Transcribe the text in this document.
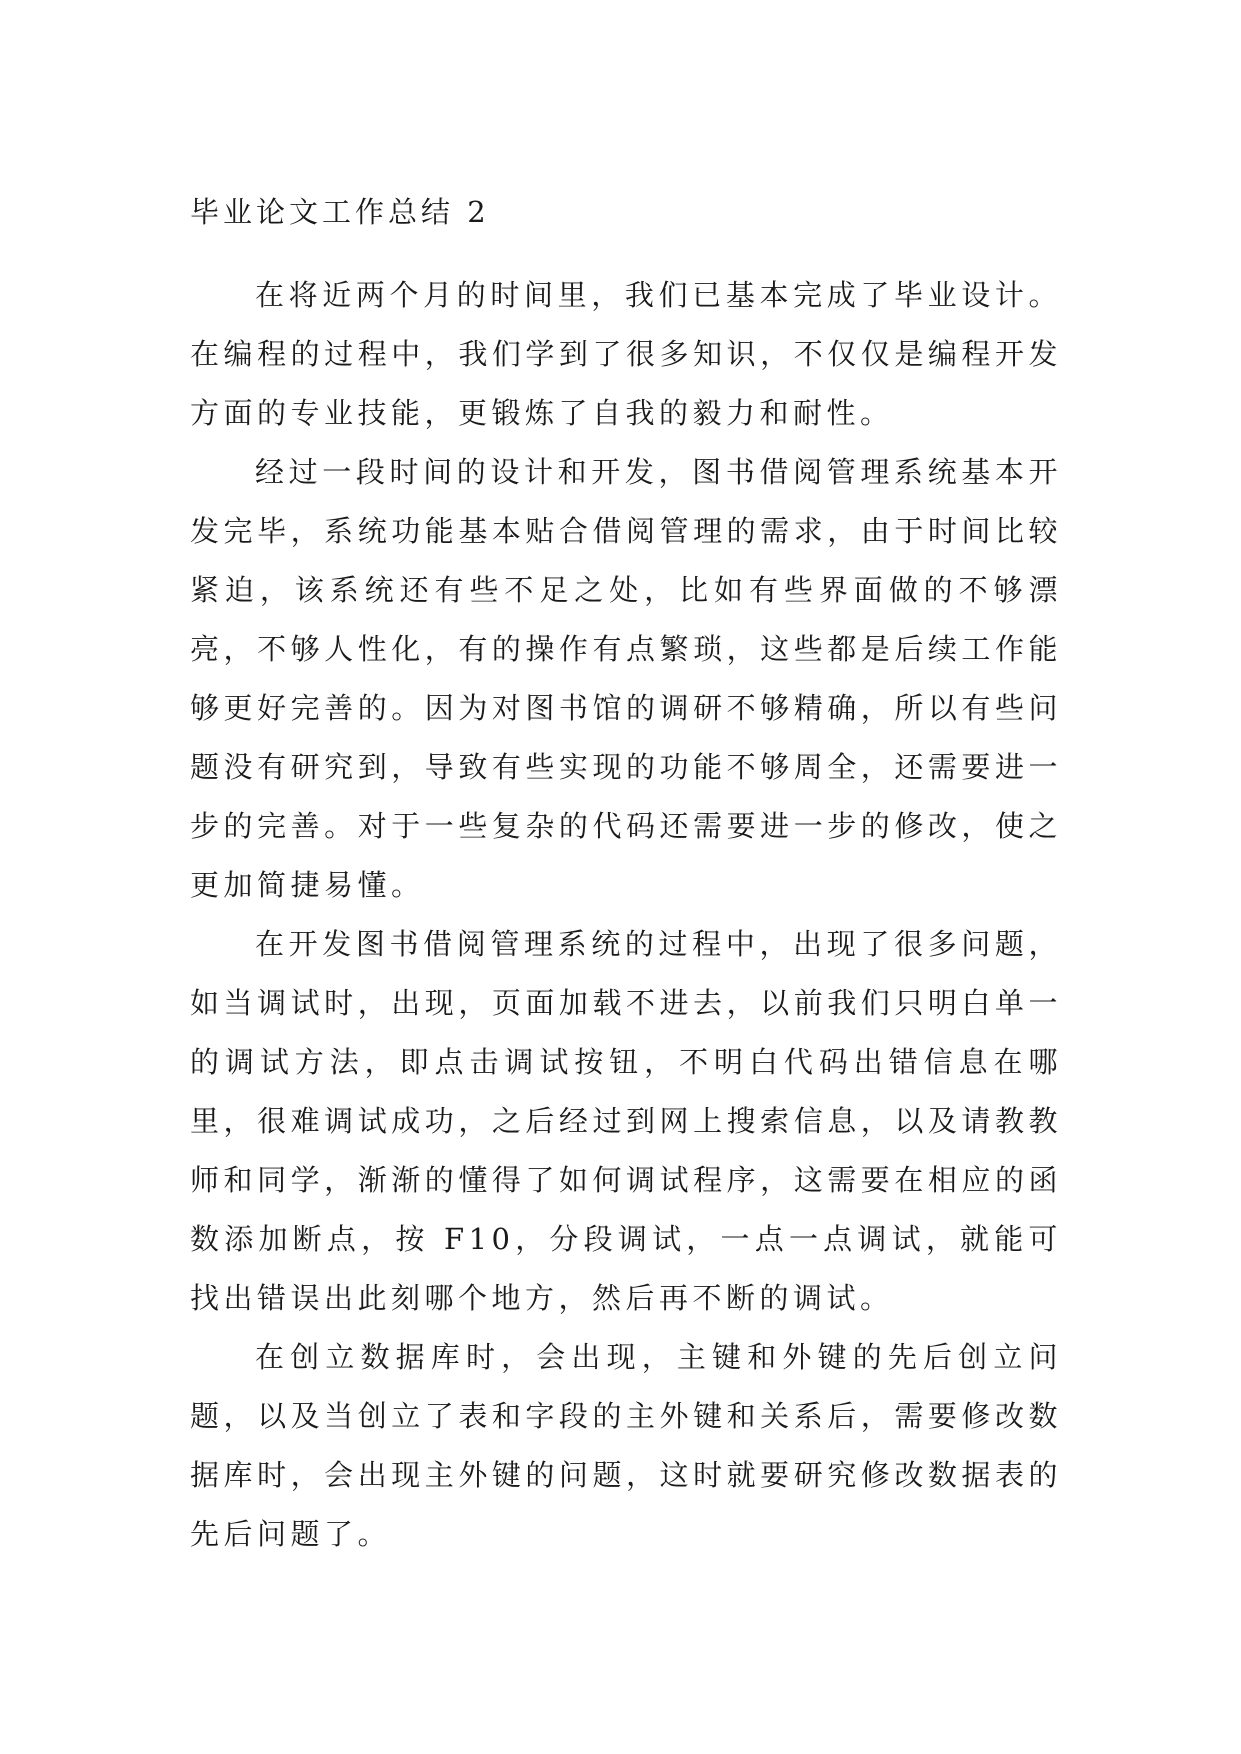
毕业论文工作总结 2

在将近两个月的时间里，我们已基本完成了毕业设计。在编程的过程中，我们学到了很多知识，不仅仅是编程开发方面的专业技能，更锻炼了自我的毅力和耐性。

经过一段时间的设计和开发，图书借阅管理系统基本开发完毕，系统功能基本贴合借阅管理的需求，由于时间比较紧迫，该系统还有些不足之处，比如有些界面做的不够漂亮，不够人性化，有的操作有点繁琐，这些都是后续工作能够更好完善的。因为对图书馆的调研不够精确，所以有些问题没有研究到，导致有些实现的功能不够周全，还需要进一步的完善。对于一些复杂的代码还需要进一步的修改，使之更加简捷易懂。

在开发图书借阅管理系统的过程中，出现了很多问题，如当调试时，出现，页面加载不进去，以前我们只明白单一的调试方法，即点击调试按钮，不明白代码出错信息在哪里，很难调试成功，之后经过到网上搜索信息，以及请教教师和同学，渐渐的懂得了如何调试程序，这需要在相应的函数添加断点，按 F10，分段调试，一点一点调试，就能可找出错误出此刻哪个地方，然后再不断的调试。

在创立数据库时，会出现，主键和外键的先后创立问题，以及当创立了表和字段的主外键和关系后，需要修改数据库时，会出现主外键的问题，这时就要研究修改数据表的先后问题了。
